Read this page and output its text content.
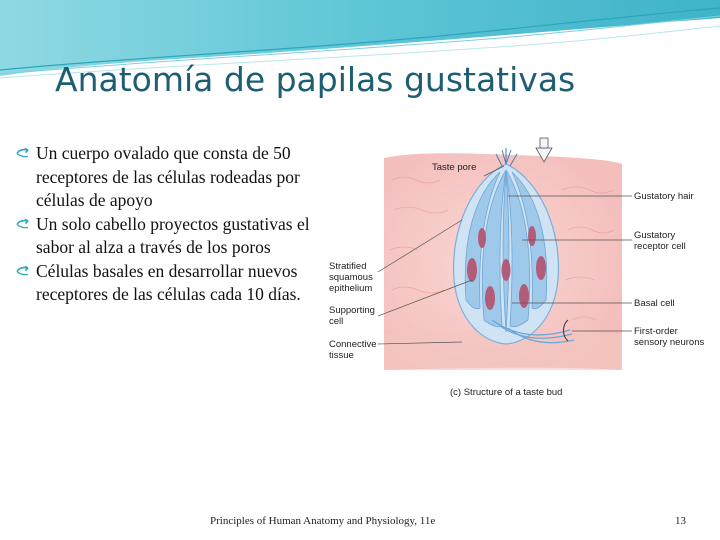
Anatomía de papilas gustativas
Un cuerpo ovalado que consta de 50 receptores de las células rodeadas por células de apoyo
Un solo cabello proyectos gustativas el sabor al alza a través de los poros
Células basales en desarrollar nuevos receptores de las células cada 10 días.
Taste pore
Gustatory hair
Gustatory
receptor cell
Stratified
squamous
epithelium
Supporting
cell
Basal cell
First-order
sensory neurons
Connective
tissue
(c) Structure of a taste bud
Principles of Human Anatomy and Physiology, 11e	13
